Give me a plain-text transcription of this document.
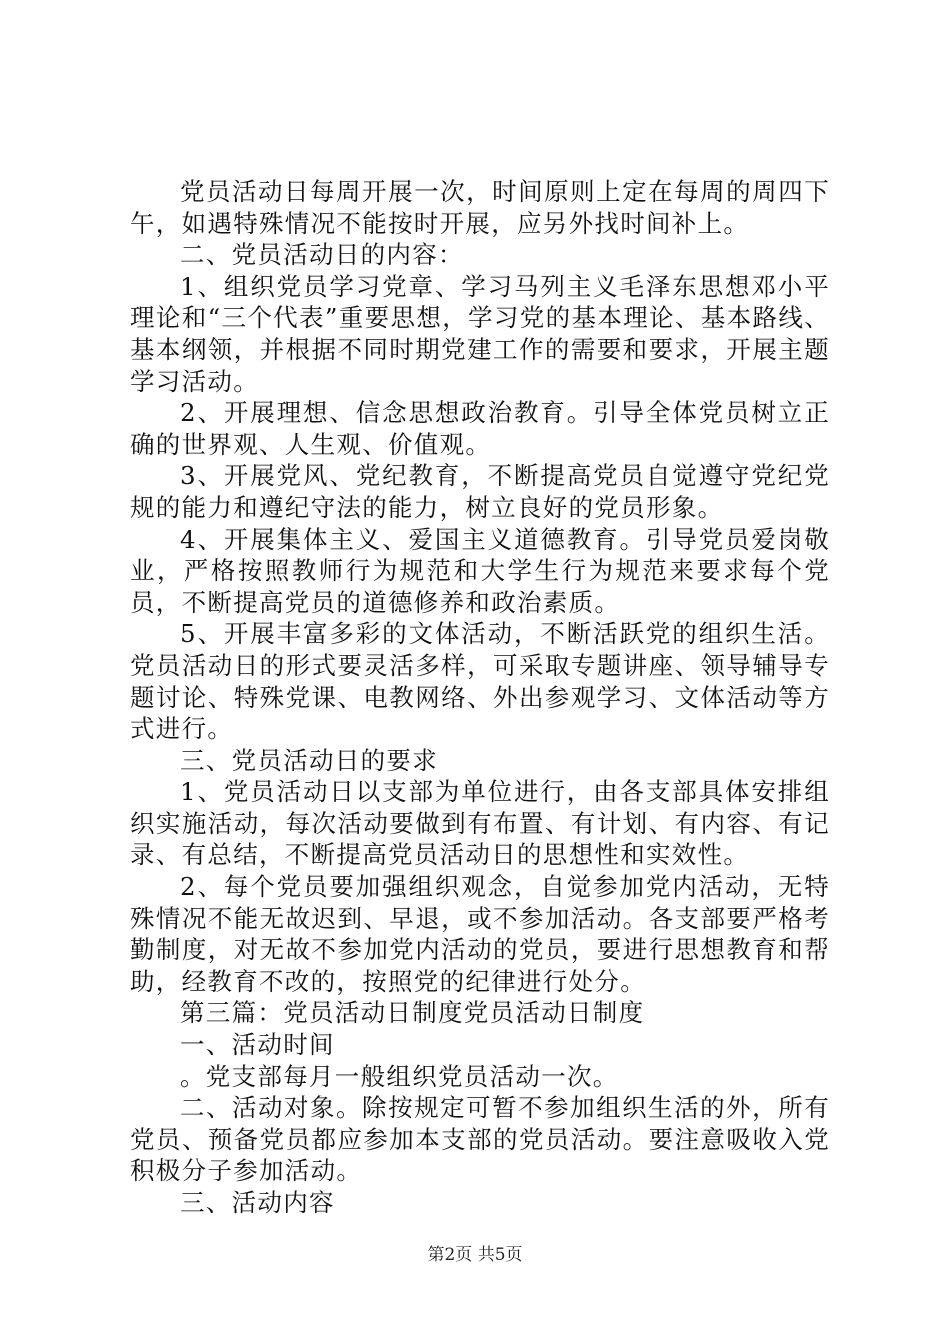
党员活动日每周开展一次，时间原则上定在每周的周四下午，如遇特殊情况不能按时开展，应另外找时间补上。

二、党员活动日的内容：

1、组织党员学习党章、学习马列主义毛泽东思想邓小平理论和“三个代表”重要思想，学习党的基本理论、基本路线、基本纲领，并根据不同时期党建工作的需要和要求，开展主题学习活动。

2、开展理想、信念思想政治教育。引导全体党员树立正确的世界观、人生观、价值观。

3、开展党风、党纪教育，不断提高党员自觉遵守党纪党规的能力和遵纪守法的能力，树立良好的党员形象。

4、开展集体主义、爱国主义道德教育。引导党员爱岗敬业，严格按照教师行为规范和大学生行为规范来要求每个党员，不断提高党员的道德修养和政治素质。

5、开展丰富多彩的文体活动，不断活跃党的组织生活。党员活动日的形式要灵活多样，可采取专题讲座、领导辅导专题讨论、特殊党课、电教网络、外出参观学习、文体活动等方式进行。

三、党员活动日的要求

1、党员活动日以支部为单位进行，由各支部具体安排组织实施活动，每次活动要做到有布置、有计划、有内容、有记录、有总结，不断提高党员活动日的思想性和实效性。

2、每个党员要加强组织观念，自觉参加党内活动，无特殊情况不能无故迟到、早退，或不参加活动。各支部要严格考勤制度，对无故不参加党内活动的党员，要进行思想教育和帮助，经教育不改的，按照党的纪律进行处分。

第三篇：党员活动日制度党员活动日制度

一、活动时间

。党支部每月一般组织党员活动一次。

二、活动对象。除按规定可暂不参加组织生活的外，所有党员、预备党员都应参加本支部的党员活动。要注意吸收入党积极分子参加活动。

三、活动内容

第2页 共5页
